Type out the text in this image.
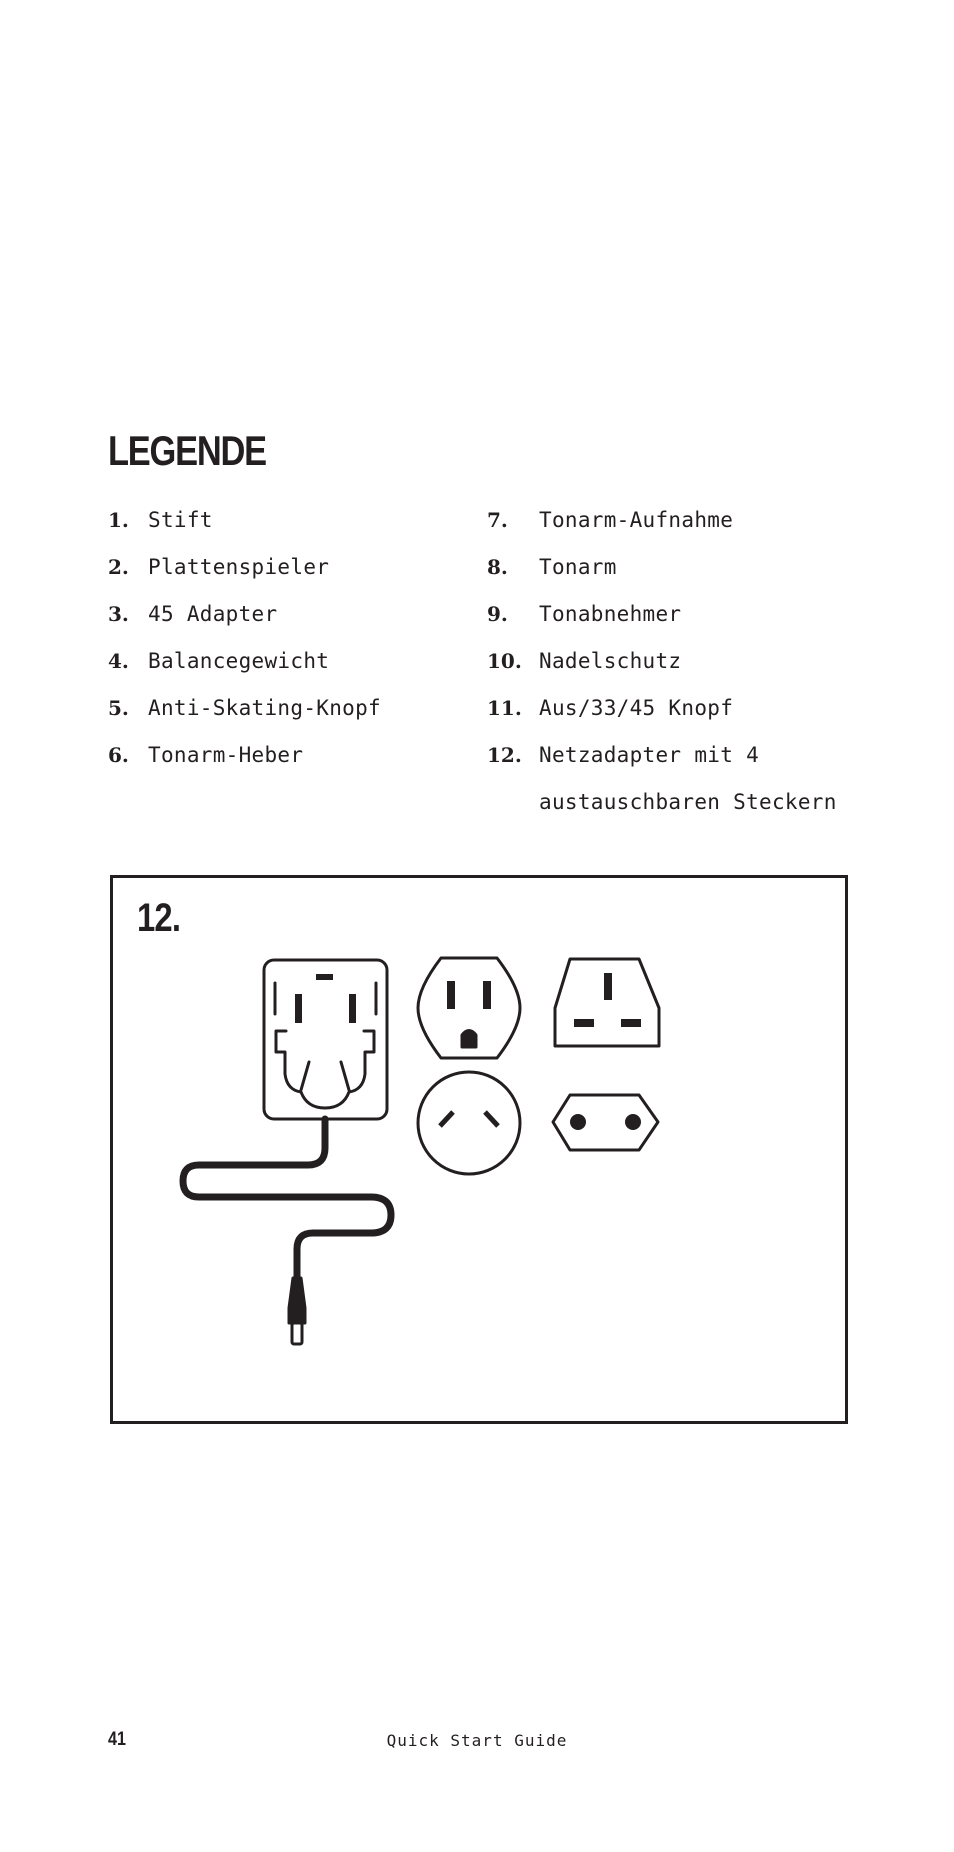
LEGENDE
1. Stift
2. Plattenspieler
3. 45 Adapter
4. Balancegewicht
5. Anti-Skating-Knopf
6. Tonarm-Heber
7.	Tonarm-Aufnahme
8.	Tonarm
9.	Tonabnehmer
10. Nadelschutz
11. Aus/33/45 Knopf
12. Netzadapter mit 4 austauschbaren Steckern
12.
41	Quick Start Guide
